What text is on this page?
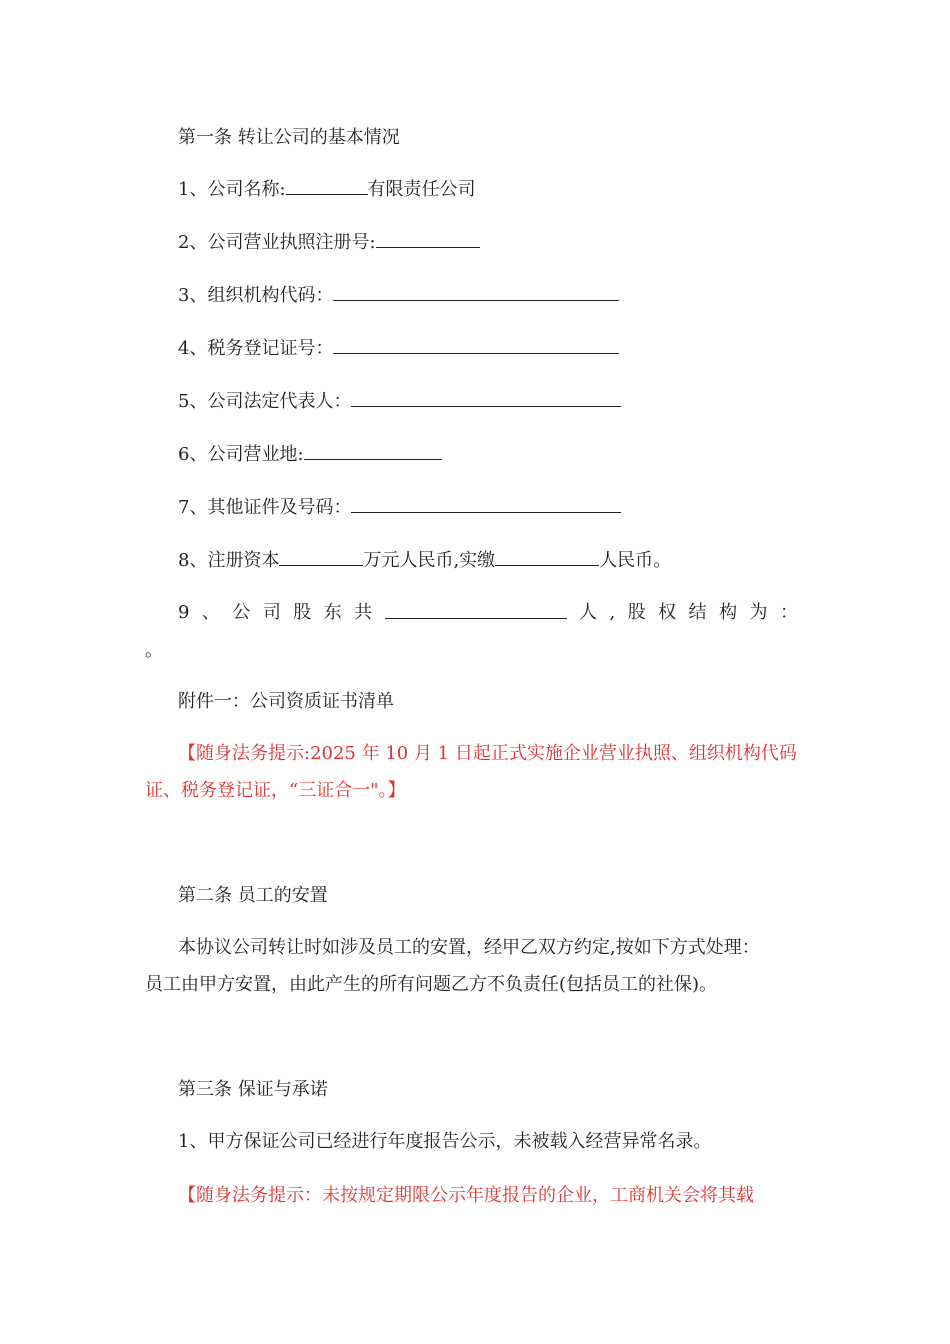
第一条 转让公司的基本情况
1、公司名称:	有限责任公司
2、公司营业执照注册号:
3、组织机构代码：
4、税务登记证号：
5、公司法定代表人：
6、公司营业地:
7、其他证件及号码：
8、注册资本	万元人民币,实缴	人民币。
9 、 公 司 股 东 共	人 , 股 权 结 构 为 ：
。
附件一：公司资质证书清单
【随身法务提示:2025 年 10 月 1 日起正式实施企业营业执照、组织机构代码
证、税务登记证，“三证合一"。】
第二条 员工的安置
本协议公司转让时如涉及员工的安置，经甲乙双方约定,按如下方式处理：
员工由甲方安置，由此产生的所有问题乙方不负责任(包括员工的社保)。
第三条 保证与承诺
1、甲方保证公司已经进行年度报告公示，未被载入经营异常名录。
【随身法务提示：未按规定期限公示年度报告的企业，工商机关会将其载
